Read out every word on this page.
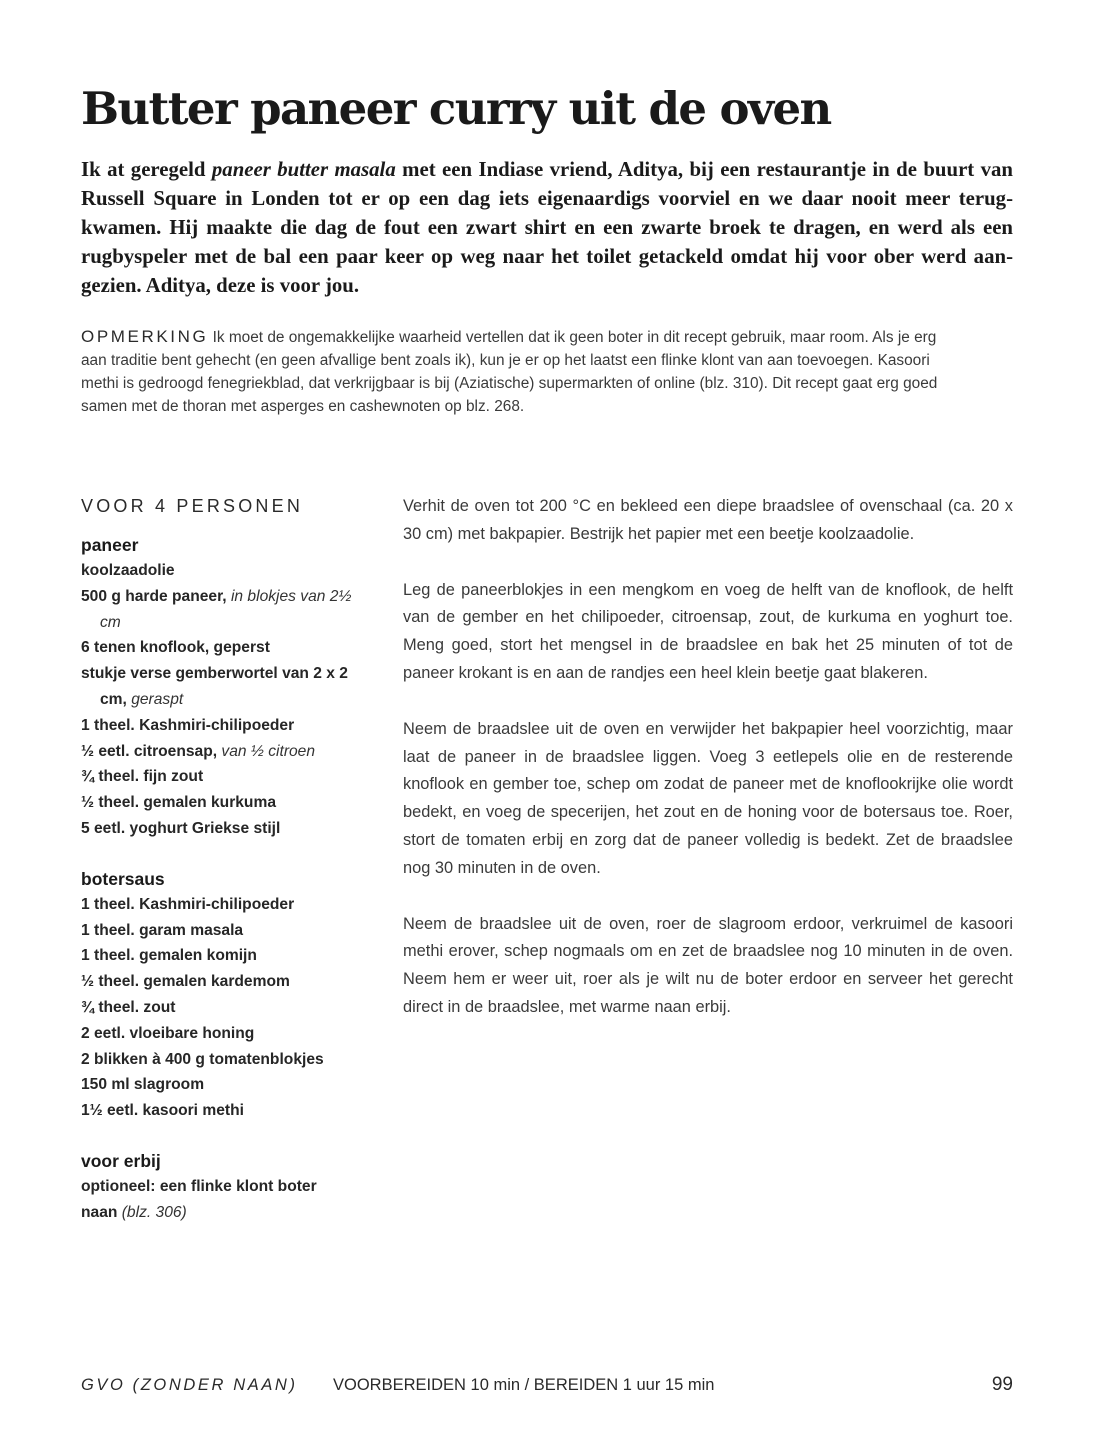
Butter paneer curry uit de oven

Ik at geregeld paneer butter masala met een Indiase vriend, Aditya, bij een restaurantje in de buurt van Russell Square in Londen tot er op een dag iets eigenaardigs voorviel en we daar nooit meer terugkwamen. Hij maakte die dag de fout een zwart shirt en een zwarte broek te dragen, en werd als een rugbyspeler met de bal een paar keer op weg naar het toilet getackeld omdat hij voor ober werd aangezien. Aditya, deze is voor jou.

OPMERKING Ik moet de ongemakkelijke waarheid vertellen dat ik geen boter in dit recept gebruik, maar room. Als je erg aan traditie bent gehecht (en geen afvallige bent zoals ik), kun je er op het laatst een flinke klont van aan toevoegen. Kasoori methi is gedroogd fenegriekblad, dat verkrijgbaar is bij (Aziatische) supermarkten of online (blz. 310). Dit recept gaat erg goed samen met de thoran met asperges en cashewnoten op blz. 268.

VOOR 4 PERSONEN
paneer
koolzaadolie
500 g harde paneer, in blokjes van 2½ cm
6 tenen knoflook, geperst
stukje verse gemberwortel van 2 x 2 cm, geraspt
1 theel. Kashmiri-chilipoeder
½ eetl. citroensap, van ½ citroen
¾ theel. fijn zout
½ theel. gemalen kurkuma
5 eetl. yoghurt Griekse stijl
botersaus
1 theel. Kashmiri-chilipoeder
1 theel. garam masala
1 theel. gemalen komijn
½ theel. gemalen kardemom
¾ theel. zout
2 eetl. vloeibare honing
2 blikken à 400 g tomatenblokjes
150 ml slagroom
1½ eetl. kasoori methi
voor erbij
optioneel: een flinke klont boter
naan (blz. 306)

Verhit de oven tot 200 °C en bekleed een diepe braadslee of ovenschaal (ca. 20 x 30 cm) met bakpapier. Bestrijk het papier met een beetje koolzaadolie.

Leg de paneerblokjes in een mengkom en voeg de helft van de knoflook, de helft van de gember en het chilipoeder, citroensap, zout, de kurkuma en yoghurt toe. Meng goed, stort het mengsel in de braadslee en bak het 25 minuten of tot de paneer krokant is en aan de randjes een heel klein beetje gaat blakeren.

Neem de braadslee uit de oven en verwijder het bakpapier heel voorzichtig, maar laat de paneer in de braadslee liggen. Voeg 3 eetlepels olie en de resterende knoflook en gember toe, schep om zodat de paneer met de knoflookrijke olie wordt bedekt, en voeg de specerijen, het zout en de honing voor de botersaus toe. Roer, stort de tomaten erbij en zorg dat de paneer volledig is bedekt. Zet de braadslee nog 30 minuten in de oven.

Neem de braadslee uit de oven, roer de slagroom erdoor, verkruimel de kasoori methi erover, schep nogmaals om en zet de braadslee nog 10 minuten in de oven. Neem hem er weer uit, roer als je wilt nu de boter erdoor en serveer het gerecht direct in de braadslee, met warme naan erbij.

GVO (ZONDER NAAN) VOORBEREIDEN 10 min / BEREIDEN 1 uur 15 min	99
